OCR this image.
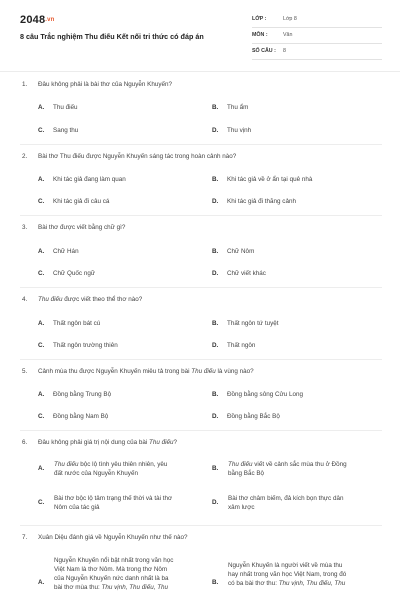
2048.vn
8 câu Trắc nghiệm Thu điếu Kết nối tri thức có đáp án
LỚP :	Lớp 8
MÔN :	Văn
SỐ CÂU : 8
1. Đâu không phải là bài thơ của Nguyễn Khuyến?
A. Thu điếu	B. Thu ẩm
C. Sang thu	D. Thu vịnh
2. Bài thơ Thu điếu được Nguyễn Khuyến sáng tác trong hoàn cảnh nào?
A. Khi tác giả đang làm quan	B. Khi tác giả về ở ẩn tại quê nhà
C. Khi tác giả đi câu cá	D. Khi tác giả đi thăng cảnh
3. Bài thơ được viết bằng chữ gì?
A. Chữ Hán	B. Chữ Nôm
C. Chữ Quốc ngữ	D. Chữ viết khác
4. Thu điếu được viết theo thể thơ nào?
A. Thất ngôn bát cú	B. Thất ngôn tứ tuyệt
C. Thất ngôn trường thiên	D. Thất ngôn
5. Cảnh mùa thu được Nguyễn Khuyến miêu tả trong bài Thu điếu là vùng nào?
A. Đồng bằng Trung Bộ	B. Đồng bằng sông Cửu Long
C. Đồng bằng Nam Bộ	D. Đồng bằng Bắc Bộ
6. Đâu không phải giá trị nội dung của bài Thu điếu?
A.
Thu điếu bộc lộ tình yêu thiên nhiên, yêu
đất nước của Nguyễn Khuyến
B.
Thu điếu viết về cảnh sắc mùa thu ở Đồng
bằng Bắc Bộ
C.
Bài thơ bộc lộ tâm trạng thế thời và tài thơ
Nôm của tác giả
D.
Bài thơ châm biếm, đả kích bọn thực dân
xâm lược
7. Xuân Diệu đánh giá về Nguyễn Khuyến như thế nào?
A.
Nguyễn Khuyến nổi bật nhất trong văn học
Việt Nam là thơ Nôm. Mà trong thơ Nôm
của Nguyễn Khuyến nức danh nhất là ba
bài thơ mùa thu: Thu vịnh, Thu điếu, Thu
B.
Nguyễn Khuyến là người viết về mùa thu
hay nhất trong văn học Việt Nam, trong đó
có ba bài thơ thu: Thu vịnh, Thu điếu, Thu
